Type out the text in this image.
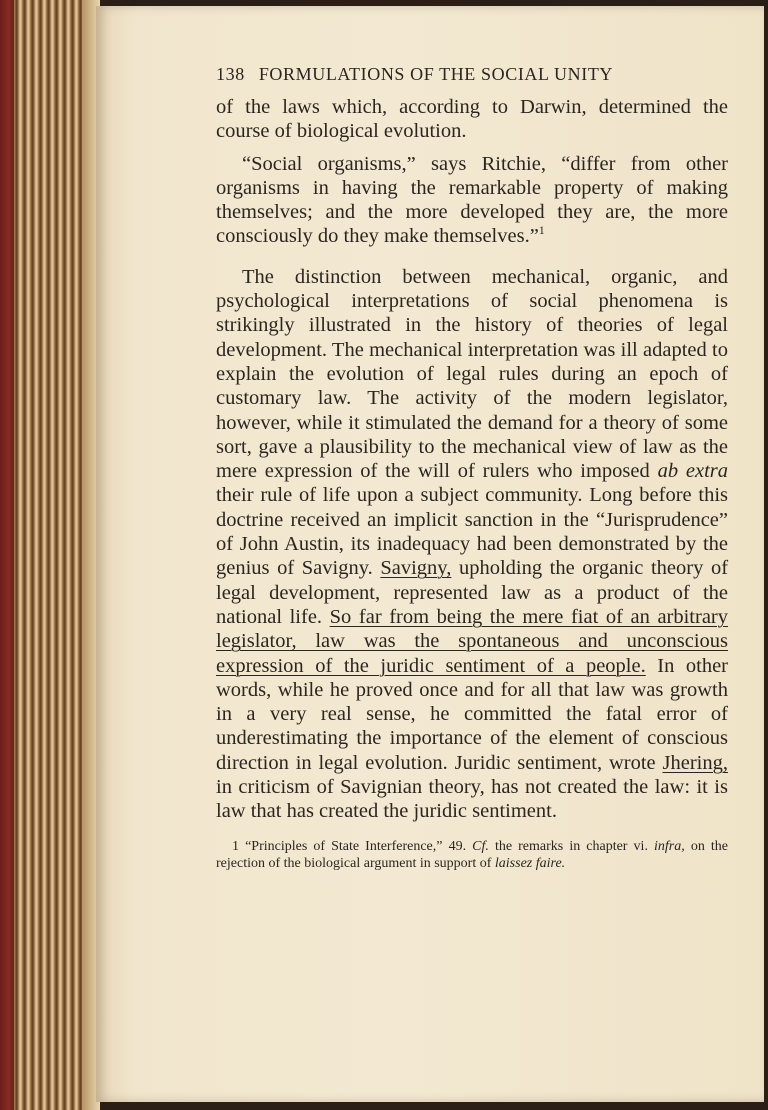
138 FORMULATIONS OF THE SOCIAL UNITY

of the laws which, according to Darwin, determined the course of biological evolution.

“Social organisms,” says Ritchie, “differ from other organisms in having the remarkable property of making themselves; and the more developed they are, the more consciously do they make themselves.”$^1$

The distinction between mechanical, organic, and psychological interpretations of social phenomena is strikingly illustrated in the history of theories of legal development. The mechanical interpretation was ill adapted to explain the evolution of legal rules during an epoch of customary law. The activity of the modern legislator, however, while it stimulated the demand for a theory of some sort, gave a plausibility to the mechanical view of law as the mere expression of the will of rulers who imposed ab extra their rule of life upon a subject community. Long before this doctrine received an implicit sanction in the “Jurisprudence” of John Austin, its inadequacy had been demonstrated by the genius of Savigny. Savigny, upholding the organic theory of legal development, represented law as a product of the national life. So far from being the mere fiat of an arbitrary legislator, law was the spontaneous and unconscious expression of the juridic sentiment of a people. In other words, while he proved once and for all that law was growth in a very real sense, he committed the fatal error of underestimating the importance of the element of conscious direction in legal evolution. Juridic sentiment, wrote Jhering, in criticism of Savignian theory, has not created the law: it is law that has created the juridic sentiment.

1 “Principles of State Interference,” 49. Cf. the remarks in chapter vi. infra, on the rejection of the biological argument in support of laissez faire.
